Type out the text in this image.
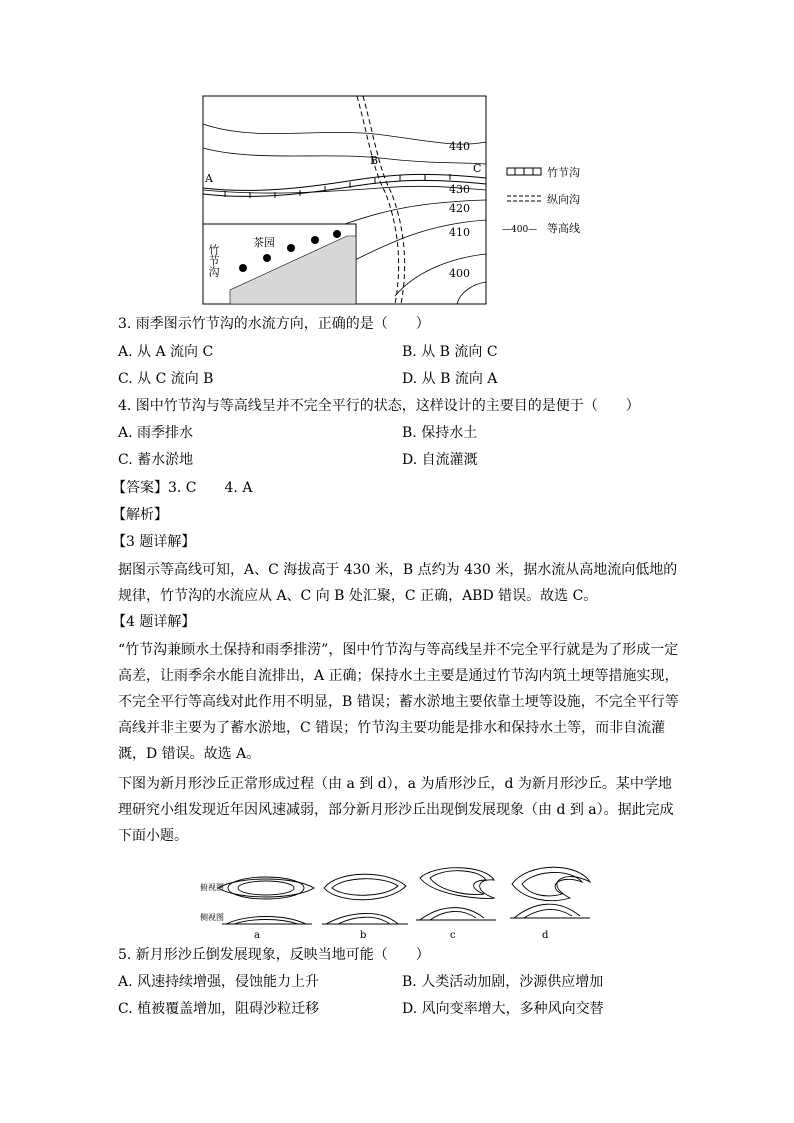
A
B
C
440
430
420
410
400
茶园
竹节沟
纵向沟
—400— 等高线
竹节沟
3. 雨季图示竹节沟的水流方向，正确的是（　　）
A. 从 A 流向 C	B. 从 B 流向 C
C. 从 C 流向 B	D. 从 B 流向 A
4. 图中竹节沟与等高线呈并不完全平行的状态，这样设计的主要目的是便于（　　）
A. 雨季排水	B. 保持水土
C. 蓄水淤地	D. 自流灌溉
【答案】3. C　　4. A
【解析】
【3 题详解】
据图示等高线可知，A、C 海拔高于 430 米，B 点约为 430 米，据水流从高地流向低地的规律，竹节沟的水流应从 A、C 向 B 处汇聚，C 正确，ABD 错误。故选 C。
【4 题详解】
“竹节沟兼顾水土保持和雨季排涝”，图中竹节沟与等高线呈并不完全平行就是为了形成一定高差，让雨季余水能自流排出，A 正确；保持水土主要是通过竹节沟内筑土埂等措施实现，不完全平行等高线对此作用不明显，B 错误；蓄水淤地主要依靠土埂等设施，不完全平行等高线并非主要为了蓄水淤地，C 错误；竹节沟主要功能是排水和保持水土等，而非自流灌溉，D 错误。故选 A。
下图为新月形沙丘正常形成过程（由 a 到 d），a 为盾形沙丘，d 为新月形沙丘。某中学地理研究小组发现近年因风速减弱，部分新月形沙丘出现倒发展现象（由 d 到 a）。据此完成下面小题。
俯视图
侧视图
a	b	c	d
5. 新月形沙丘倒发展现象，反映当地可能（　　）
A. 风速持续增强，侵蚀能力上升	B. 人类活动加剧，沙源供应增加
C. 植被覆盖增加，阻碍沙粒迁移	D. 风向变率增大，多种风向交替
